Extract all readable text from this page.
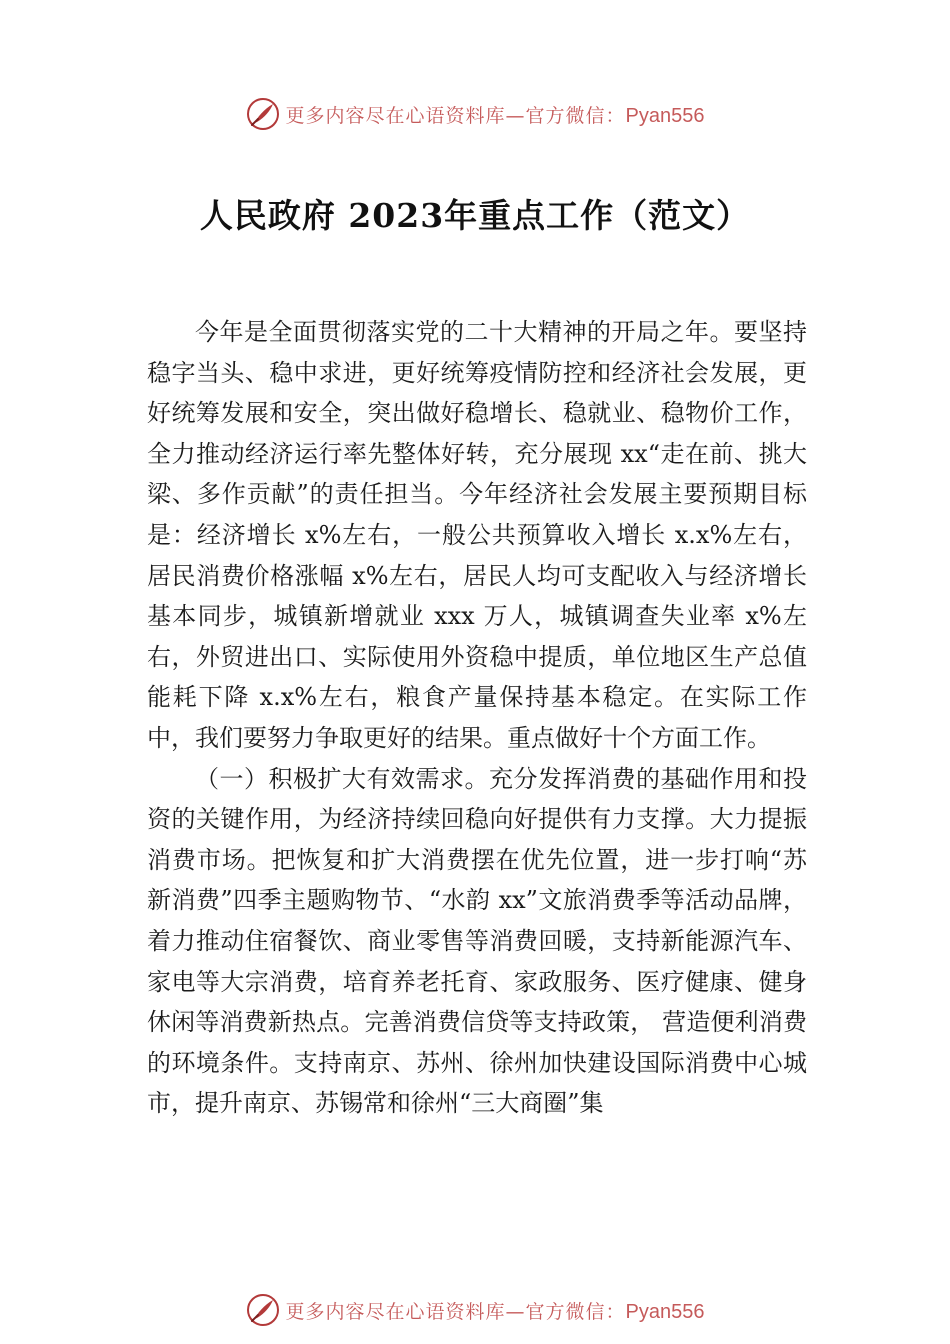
更多内容尽在心语资料库—官方微信：Pyan556
人民政府 2023年重点工作（范文）

今年是全面贯彻落实党的二十大精神的开局之年。要坚持稳字当头、稳中求进，更好统筹疫情防控和经济社会发展，更好统筹发展和安全，突出做好稳增长、稳就业、稳物价工作，全力推动经济运行率先整体好转，充分展现 xx“走在前、挑大梁、多作贡献”的责任担当。今年经济社会发展主要预期目标是：经济增长 x%左右，一般公共预算收入增长 x.x%左右，居民消费价格涨幅 x%左右，居民人均可支配收入与经济增长基本同步，城镇新增就业 xxx 万人，城镇调查失业率 x%左右，外贸进出口、实际使用外资稳中提质，单位地区生产总值能耗下降 x.x%左右，粮食产量保持基本稳定。在实际工作中，我们要努力争取更好的结果。重点做好十个方面工作。

（一）积极扩大有效需求。充分发挥消费的基础作用和投资的关键作用，为经济持续回稳向好提供有力支撑。大力提振消费市场。把恢复和扩大消费摆在优先位置，进一步打响“苏新消费”四季主题购物节、“水韵 xx”文旅消费季等活动品牌，着力推动住宿餐饮、商业零售等消费回暖，支持新能源汽车、家电等大宗消费，培育养老托育、家政服务、医疗健康、健身休闲等消费新热点。完善消费信贷等支持政策， 营造便利消费的环境条件。支持南京、苏州、徐州加快建设国际消费中心城市，提升南京、苏锡常和徐州“三大商圈”集

更多内容尽在心语资料库—官方微信：Pyan556
